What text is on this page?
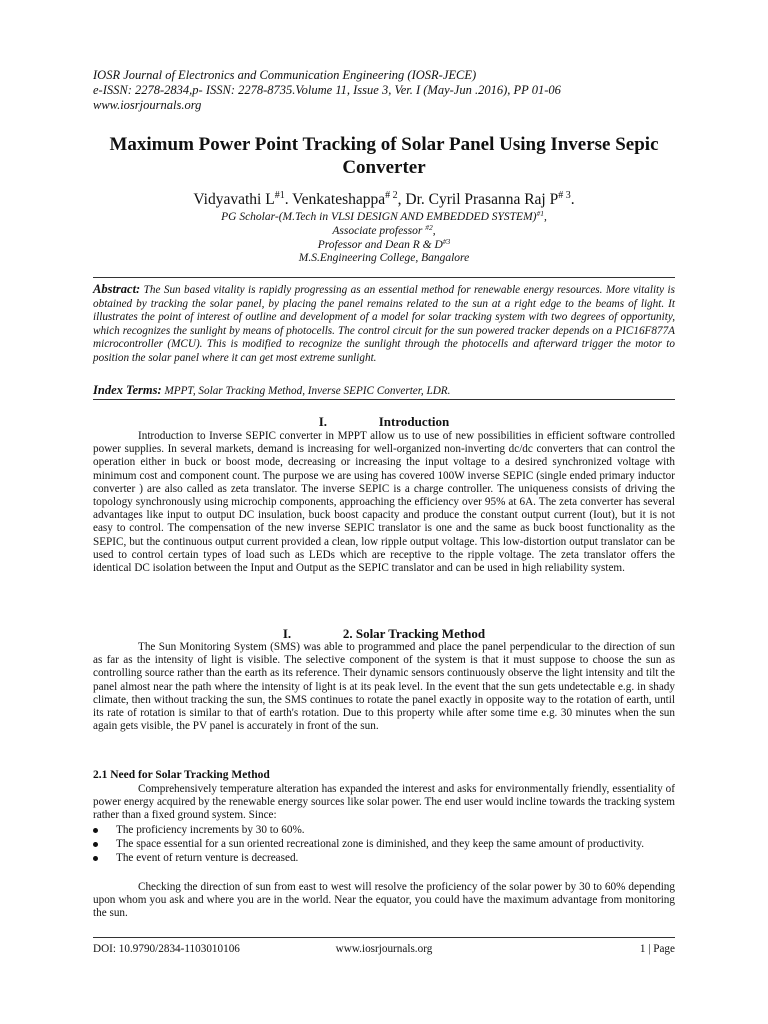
IOSR Journal of Electronics and Communication Engineering (IOSR-JECE)
e-ISSN: 2278-2834,p- ISSN: 2278-8735.Volume 11, Issue 3, Ver. I (May-Jun .2016), PP 01-06
www.iosrjournals.org
Maximum Power Point Tracking of Solar Panel Using Inverse Sepic Converter
Vidyavathi $L^{\#1}$. Venkateshappa$^{\# 2}$, Dr. Cyril Prasanna Raj $P^{\# 3}$.
PG Scholar-(M.Tech in VLSI DESIGN AND EMBEDDED SYSTEM)$^{\#1}$,
Associate professor $^{\#2}$,
Professor and Dean R & $D^{\#3}$
M.S.Engineering College, Bangalore
Abstract: The Sun based vitality is rapidly progressing as an essential method for renewable energy resources. More vitality is obtained by tracking the solar panel, by placing the panel remains related to the sun at a right edge to the beams of light. It illustrates the point of interest of outline and development of a model for solar tracking system with two degrees of opportunity, which recognizes the sunlight by means of photocells. The control circuit for the sun powered tracker depends on a PIC16F877A microcontroller (MCU). This is modified to recognize the sunlight through the photocells and afterward trigger the motor to position the solar panel where it can get most extreme sunlight.
Index Terms: MPPT, Solar Tracking Method, Inverse SEPIC Converter, LDR.
I.	Introduction
Introduction to Inverse SEPIC converter in MPPT allow us to use of new possibilities in efficient software controlled power supplies. In several markets, demand is increasing for well-organized non-inverting dc/dc converters that can control the operation either in buck or boost mode, decreasing or increasing the input voltage to a desired synchronized voltage with minimum cost and component count. The purpose we are using has covered 100W inverse SEPIC (single ended primary inductor converter ) are also called as zeta translator. The inverse SEPIC is a charge controller. The uniqueness consists of driving the topology synchronously using microchip components, approaching the efficiency over 95% at 6A. The zeta converter has several advantages like input to output DC insulation, buck boost capacity and produce the constant output current (Iout), but it is not easy to control. The compensation of the new inverse SEPIC translator is one and the same as buck boost functionality as the SEPIC, but the continuous output current provided a clean, low ripple output voltage. This low-distortion output translator can be used to control certain types of load such as LEDs which are receptive to the ripple voltage. The zeta translator offers the identical DC isolation between the Input and Output as the SEPIC translator and can be used in high reliability system.
I.	2. Solar Tracking Method
The Sun Monitoring System (SMS) was able to programmed and place the panel perpendicular to the direction of sun as far as the intensity of light is visible. The selective component of the system is that it must suppose to choose the sun as controlling source rather than the earth as its reference. Their dynamic sensors continuously observe the light intensity and tilt the panel almost near the path where the intensity of light is at its peak level. In the event that the sun gets undetectable e.g. in shady climate, then without tracking the sun, the SMS continues to rotate the panel exactly in opposite way to the rotation of earth, until its rate of rotation is similar to that of earth's rotation. Due to this property while after some time e.g. 30 minutes when the sun again gets visible, the PV panel is accurately in front of the sun.
2.1 Need for Solar Tracking Method
Comprehensively temperature alteration has expanded the interest and asks for environmentally friendly, essentiality of power energy acquired by the renewable energy sources like solar power. The end user would incline towards the tracking system rather than a fixed ground system. Since:
The proficiency increments by 30 to 60%.
The space essential for a sun oriented recreational zone is diminished, and they keep the same amount of productivity.
The event of return venture is decreased.
Checking the direction of sun from east to west will resolve the proficiency of the solar power by 30 to 60% depending upon whom you ask and where you are in the world. Near the equator, you could have the maximum advantage from monitoring the sun.
DOI: 10.9790/2834-1103010106	www.iosrjournals.org	1 | Page
